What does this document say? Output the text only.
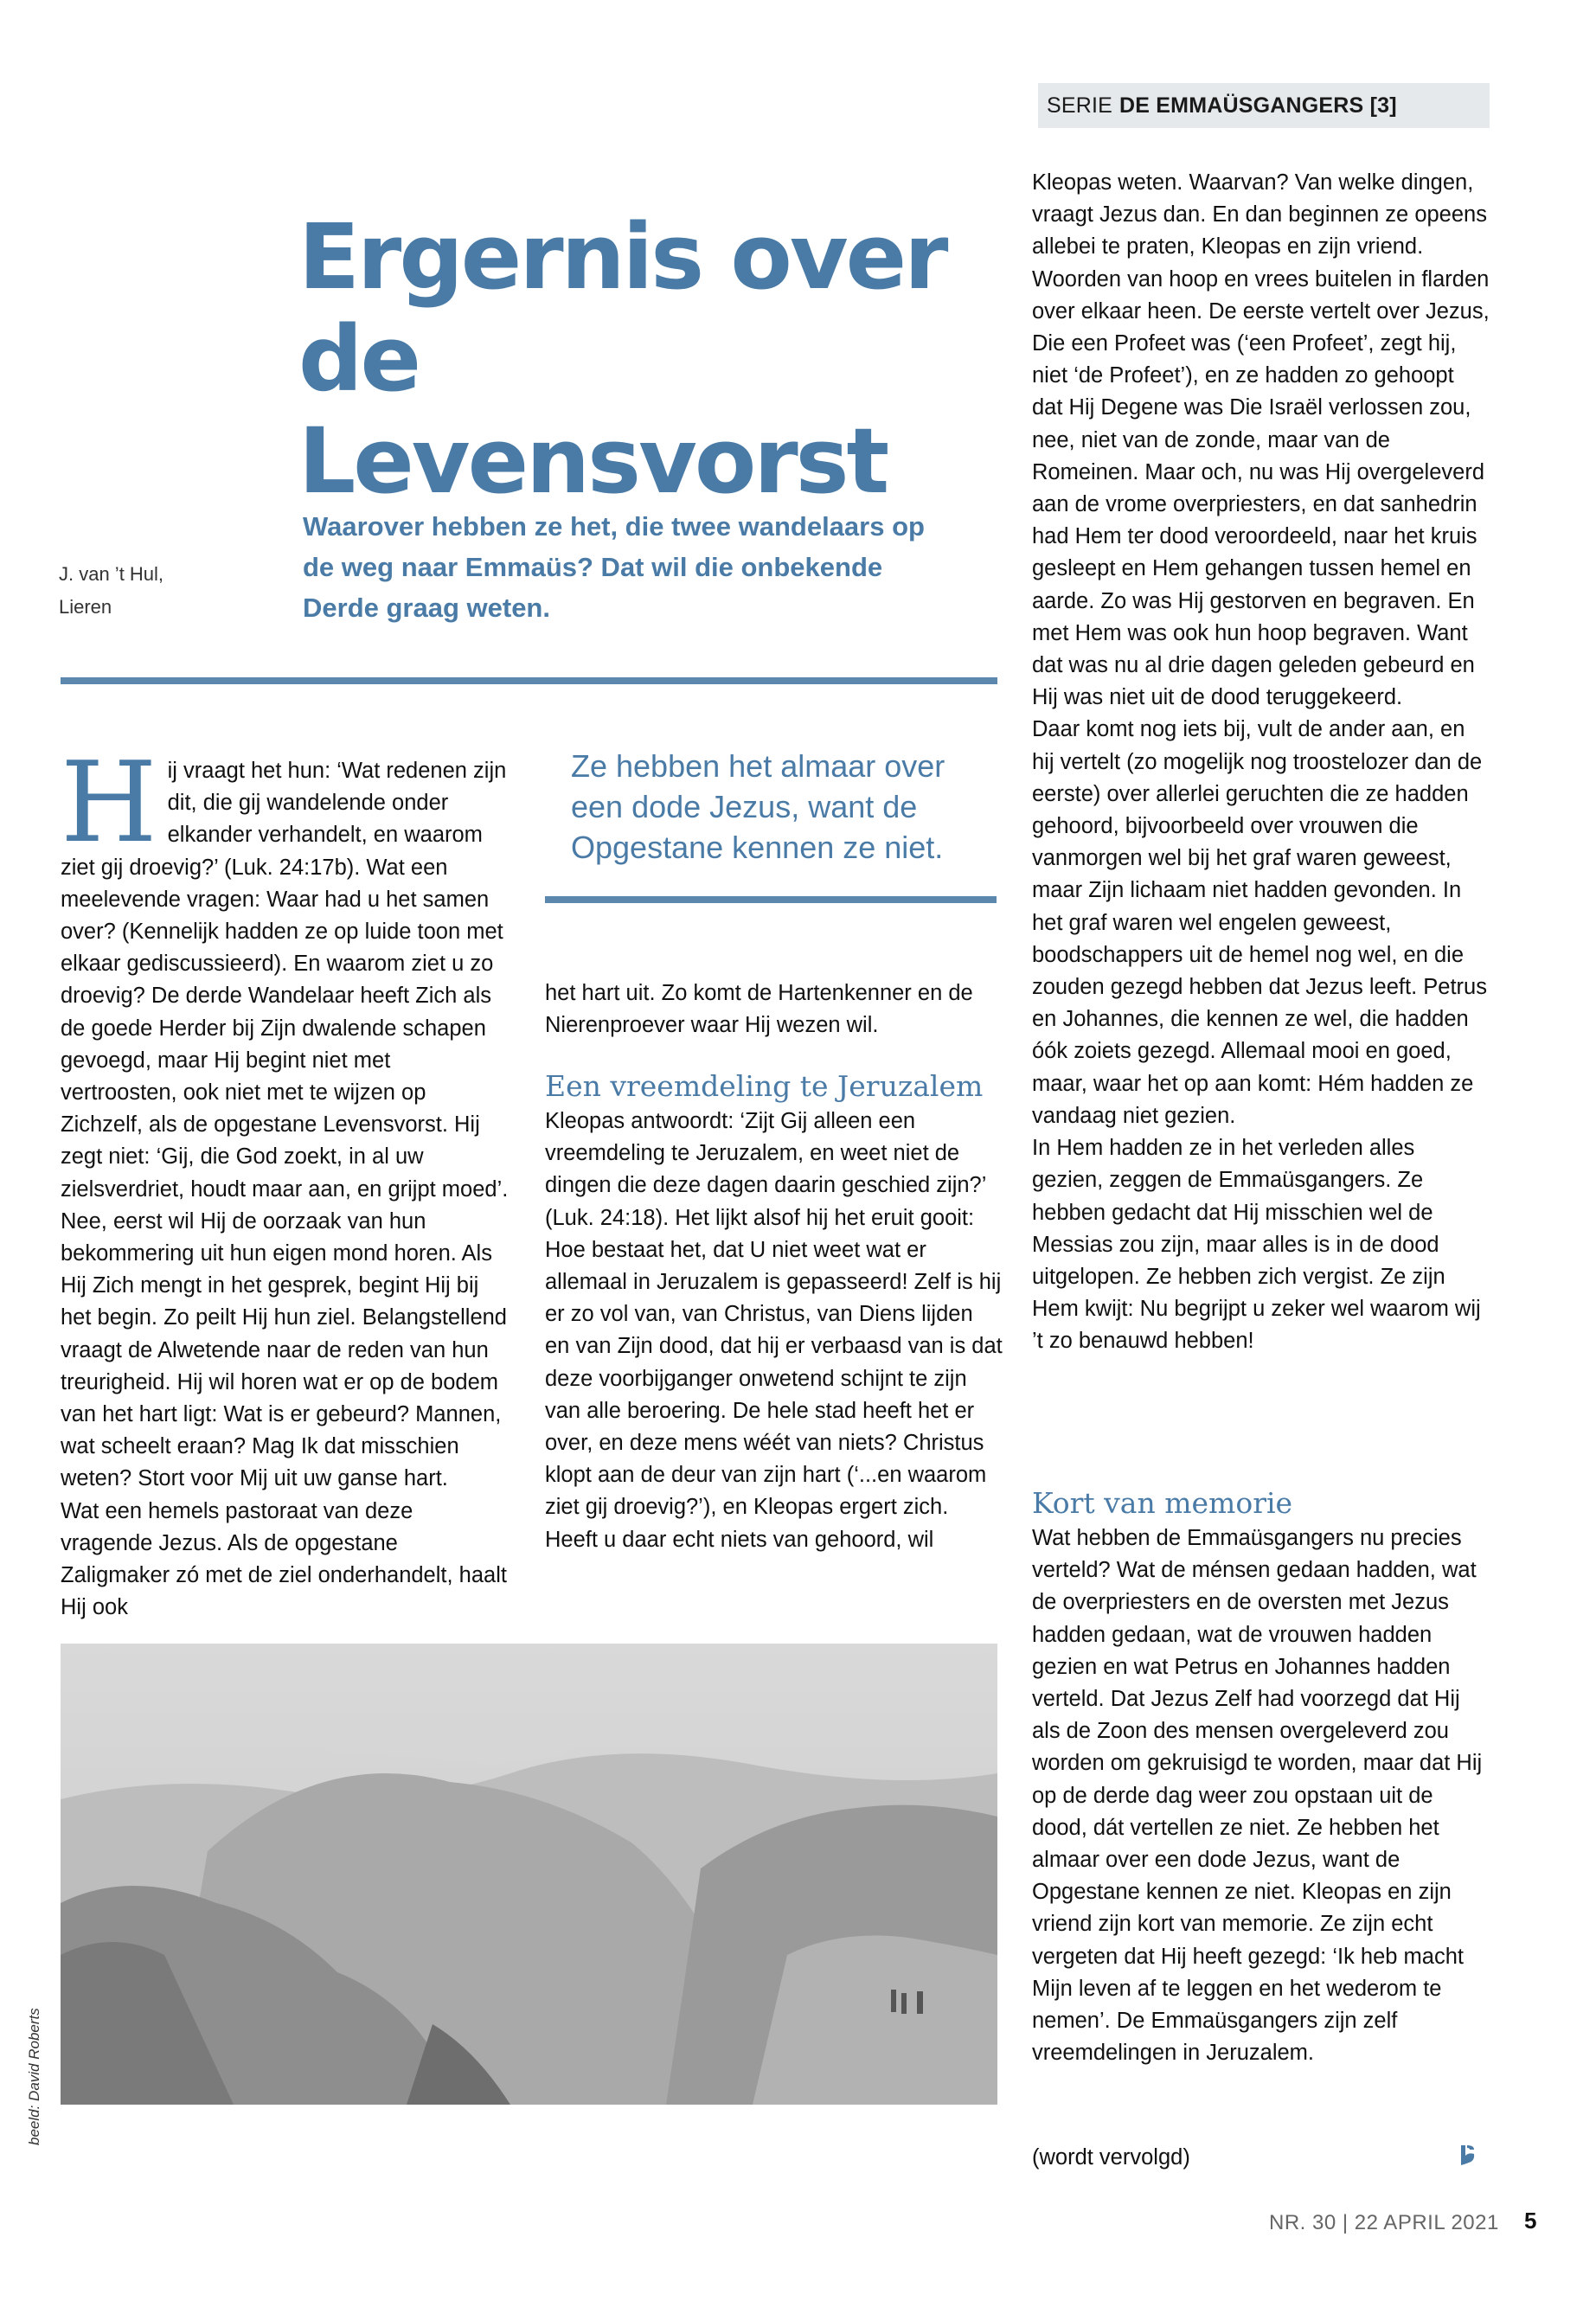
SERIE DE EMMAÜSGANGERS [3]
Ergernis over
de Levensvorst
J. van ’t Hul,
Lieren
Waarover hebben ze het, die twee wandelaars op de weg naar Emmaüs? Dat wil die onbekende Derde graag weten.

Hij vraagt het hun: ‘Wat redenen zijn dit, die gij wandelende onder elkander verhandelt, en waarom ziet gij droevig?’ (Luk. 24:17b). Wat een meelevende vragen: Waar had u het samen over? (Kennelijk hadden ze op luide toon met elkaar gediscussieerd). En waarom ziet u zo droevig? De derde Wandelaar heeft Zich als de goede Herder bij Zijn dwalende schapen gevoegd, maar Hij begint niet met vertroosten, ook niet met te wijzen op Zichzelf, als de opgestane Levensvorst. Hij zegt niet: ‘Gij, die God zoekt, in al uw zielsverdriet, houdt maar aan, en grijpt moed’. Nee, eerst wil Hij de oorzaak van hun bekommering uit hun eigen mond horen. Als Hij Zich mengt in het gesprek, begint Hij bij het begin. Zo peilt Hij hun ziel. Belangstellend vraagt de Alwetende naar de reden van hun treurigheid. Hij wil horen wat er op de bodem van het hart ligt: Wat is er gebeurd? Mannen, wat scheelt eraan? Mag Ik dat misschien weten? Stort voor Mij uit uw ganse hart.

Wat een hemels pastoraat van deze vragende Jezus. Als de opgestane Zaligmaker zó met de ziel onderhandelt, haalt Hij ook

Ze hebben het almaar over een dode Jezus, want de Opgestane kennen ze niet.
het hart uit. Zo komt de Hartenkenner en de Nierenproever waar Hij wezen wil.
Een vreemdeling te Jeruzalem

Kleopas antwoordt: ‘Zijt Gij alleen een vreemdeling te Jeruzalem, en weet niet de dingen die deze dagen daarin geschied zijn?’ (Luk. 24:18). Het lijkt alsof hij het eruit gooit: Hoe bestaat het, dat U niet weet wat er allemaal in Jeruzalem is gepasseerd! Zelf is hij er zo vol van, van Christus, van Diens lijden en van Zijn dood, dat hij er verbaasd van is dat deze voorbijganger onwetend schijnt te zijn van alle beroering. De hele stad heeft het er over, en deze mens wéét van niets? Christus klopt aan de deur van zijn hart (‘...en waarom ziet gij droevig?’), en Kleopas ergert zich.

Heeft u daar echt niets van gehoord, wil

Kleopas weten. Waarvan? Van welke dingen, vraagt Jezus dan. En dan beginnen ze opeens allebei te praten, Kleopas en zijn vriend. Woorden van hoop en vrees buitelen in flarden over elkaar heen. De eerste vertelt over Jezus, Die een Profeet was (‘een Profeet’, zegt hij, niet ‘de Profeet’), en ze hadden zo gehoopt dat Hij Degene was Die Israël verlossen zou, nee, niet van de zonde, maar van de Romeinen. Maar och, nu was Hij overgeleverd aan de vrome overpriesters, en dat sanhedrin had Hem ter dood veroordeeld, naar het kruis gesleept en Hem gehangen tussen hemel en aarde. Zo was Hij gestorven en begraven. En met Hem was ook hun hoop begraven. Want dat was nu al drie dagen geleden gebeurd en Hij was niet uit de dood teruggekeerd.

Daar komt nog iets bij, vult de ander aan, en hij vertelt (zo mogelijk nog troostelozer dan de eerste) over allerlei geruchten die ze hadden gehoord, bijvoorbeeld over vrouwen die vanmorgen wel bij het graf waren geweest, maar Zijn lichaam niet hadden gevonden. In het graf waren wel engelen geweest, boodschappers uit de hemel nog wel, en die zouden gezegd hebben dat Jezus leeft. Petrus en Johannes, die kennen ze wel, die hadden óók zoiets gezegd. Allemaal mooi en goed, maar, waar het op aan komt: Hém hadden ze vandaag niet gezien.

In Hem hadden ze in het verleden alles gezien, zeggen de Emmaüsgangers. Ze hebben gedacht dat Hij misschien wel de Messias zou zijn, maar alles is in de dood uitgelopen. Ze hebben zich vergist. Ze zijn Hem kwijt: Nu begrijpt u zeker wel waarom wij ’t zo benauwd hebben!

Kort van memorie

Wat hebben de Emmaüsgangers nu precies verteld? Wat de ménsen gedaan hadden, wat de overpriesters en de oversten met Jezus hadden gedaan, wat de vrouwen hadden gezien en wat Petrus en Johannes hadden verteld. Dat Jezus Zelf had voorzegd dat Hij als de Zoon des mensen overgeleverd zou worden om gekruisigd te worden, maar dat Hij op de derde dag weer zou opstaan uit de dood, dát vertellen ze niet. Ze hebben het almaar over een dode Jezus, want de Opgestane kennen ze niet. Kleopas en zijn vriend zijn kort van memorie. Ze zijn echt vergeten dat Hij heeft gezegd: ‘Ik heb macht Mijn leven af te leggen en het wederom te nemen’. De Emmaüsgangers zijn zelf vreemdelingen in Jeruzalem.

beeld: David Roberts
(wordt vervolgd)
NR. 30 | 22 APRIL 2021 5
